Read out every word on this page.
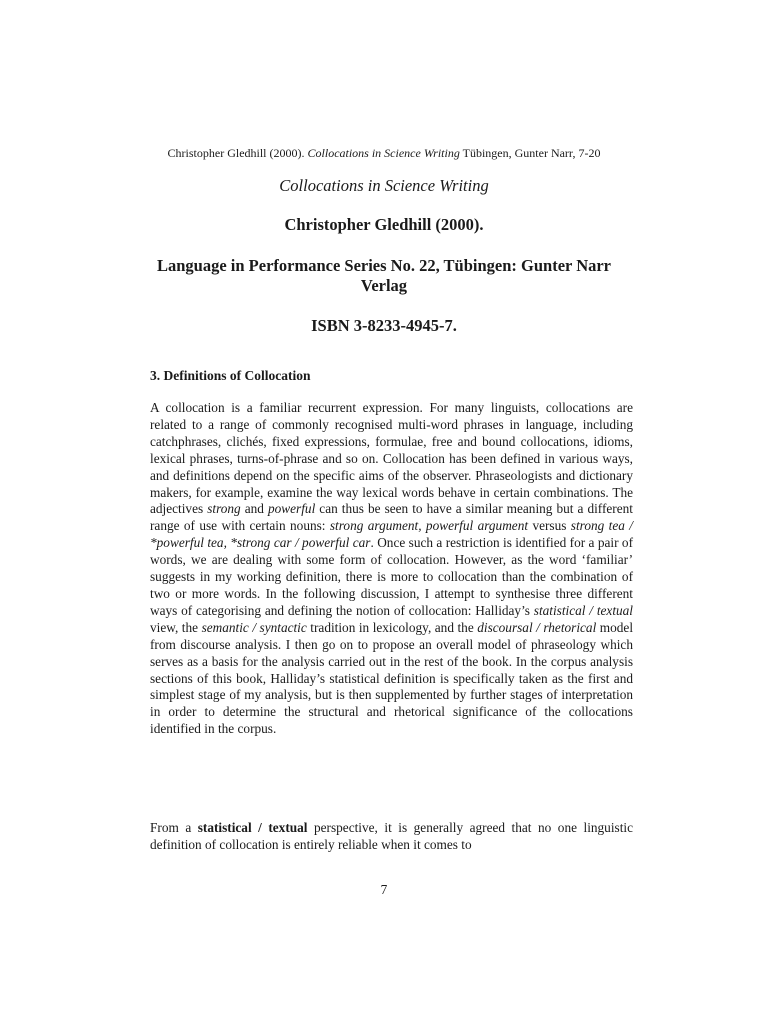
Christopher Gledhill (2000). Collocations in Science Writing Tübingen, Gunter Narr, 7-20
Collocations in Science Writing
Christopher Gledhill (2000).
Language in Performance Series No. 22, Tübingen: Gunter Narr Verlag
ISBN 3-8233-4945-7.
3. Definitions of Collocation
A collocation is a familiar recurrent expression. For many linguists, collocations are related to a range of commonly recognised multi-word phrases in language, including catchphrases, clichés, fixed expressions, formulae, free and bound collocations, idioms, lexical phrases, turns-of-phrase and so on. Collocation has been defined in various ways, and definitions depend on the specific aims of the observer. Phraseologists and dictionary makers, for example, examine the way lexical words behave in certain combinations. The adjectives strong and powerful can thus be seen to have a similar meaning but a different range of use with certain nouns: strong argument, powerful argument versus strong tea / *powerful tea, *strong car / powerful car. Once such a restriction is identified for a pair of words, we are dealing with some form of collocation. However, as the word ‘familiar’ suggests in my working definition, there is more to collocation than the combination of two or more words. In the following discussion, I attempt to synthesise three different ways of categorising and defining the notion of collocation: Halliday’s statistical / textual view, the semantic / syntactic tradition in lexicology, and the discoursal / rhetorical model from discourse analysis. I then go on to propose an overall model of phraseology which serves as a basis for the analysis carried out in the rest of the book. In the corpus analysis sections of this book, Halliday’s statistical definition is specifically taken as the first and simplest stage of my analysis, but is then supplemented by further stages of interpretation in order to determine the structural and rhetorical significance of the collocations identified in the corpus.
From a statistical / textual perspective, it is generally agreed that no one linguistic definition of collocation is entirely reliable when it comes to
7
